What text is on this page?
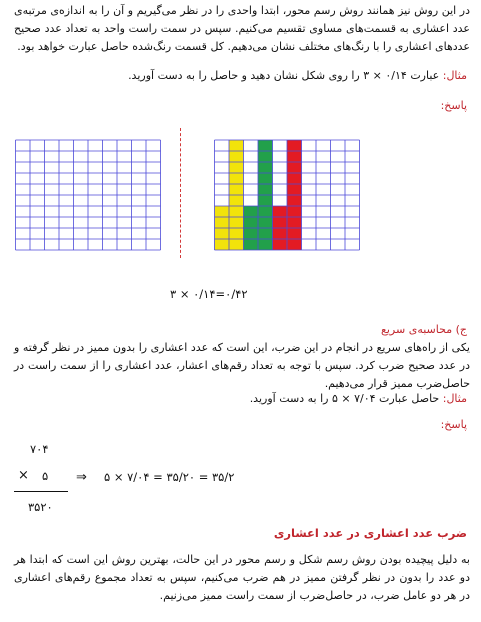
در این روش نیز همانند روش رسم محور، ابتدا واحدی را در نظر می‌گیریم و آن را به اندازه‌ی مرتبه‌ی عدد اعشاری به قسمت‌های مساوی تقسیم می‌کنیم. سپس در سمت راست واحد به تعداد عدد صحیح عددهای اعشاری را با رنگ‌های مختلف نشان می‌دهیم. کل قسمت رنگ‌شده حاصل عبارت خواهد بود.

مثال: عبارت ۰/۱۴ × ۳ را روی شکل نشان دهید و حاصل را به دست آورید.
پاسخ:
۳ × ۰/۱۴=۰/۴۲
ج) محاسبه‌ی سریع

یکی از راه‌های سریع در انجام در این ضرب، این است که عدد اعشاری را بدون ممیز در نظر گرفته و در عدد صحیح ضرب کرد. سپس با توجه به تعداد رقم‌های اعشار، عدد اعشاری را از سمت راست در حاصل‌ضرب ممیز قرار می‌دهیم.

مثال: حاصل عبارت ۷/۰۴ × ۵ را به دست آورید.
پاسخ:
۷۰۴
× ۵
۳۵۲۰
⇒ ۵ × ۷/۰۴ = ۳۵/۲۰ = ۳۵/۲
ضرب عدد اعشاری در عدد اعشاری

به دلیل پیچیده بودن روش رسم شکل و رسم محور در این حالت، بهترین روش این است که ابتدا هر دو عدد را بدون در نظر گرفتن ممیز در هم ضرب می‌کنیم، سپس به تعداد مجموع رقم‌های اعشاری در هر دو عامل ضرب، در حاصل‌ضرب از سمت راست ممیز می‌زنیم.
